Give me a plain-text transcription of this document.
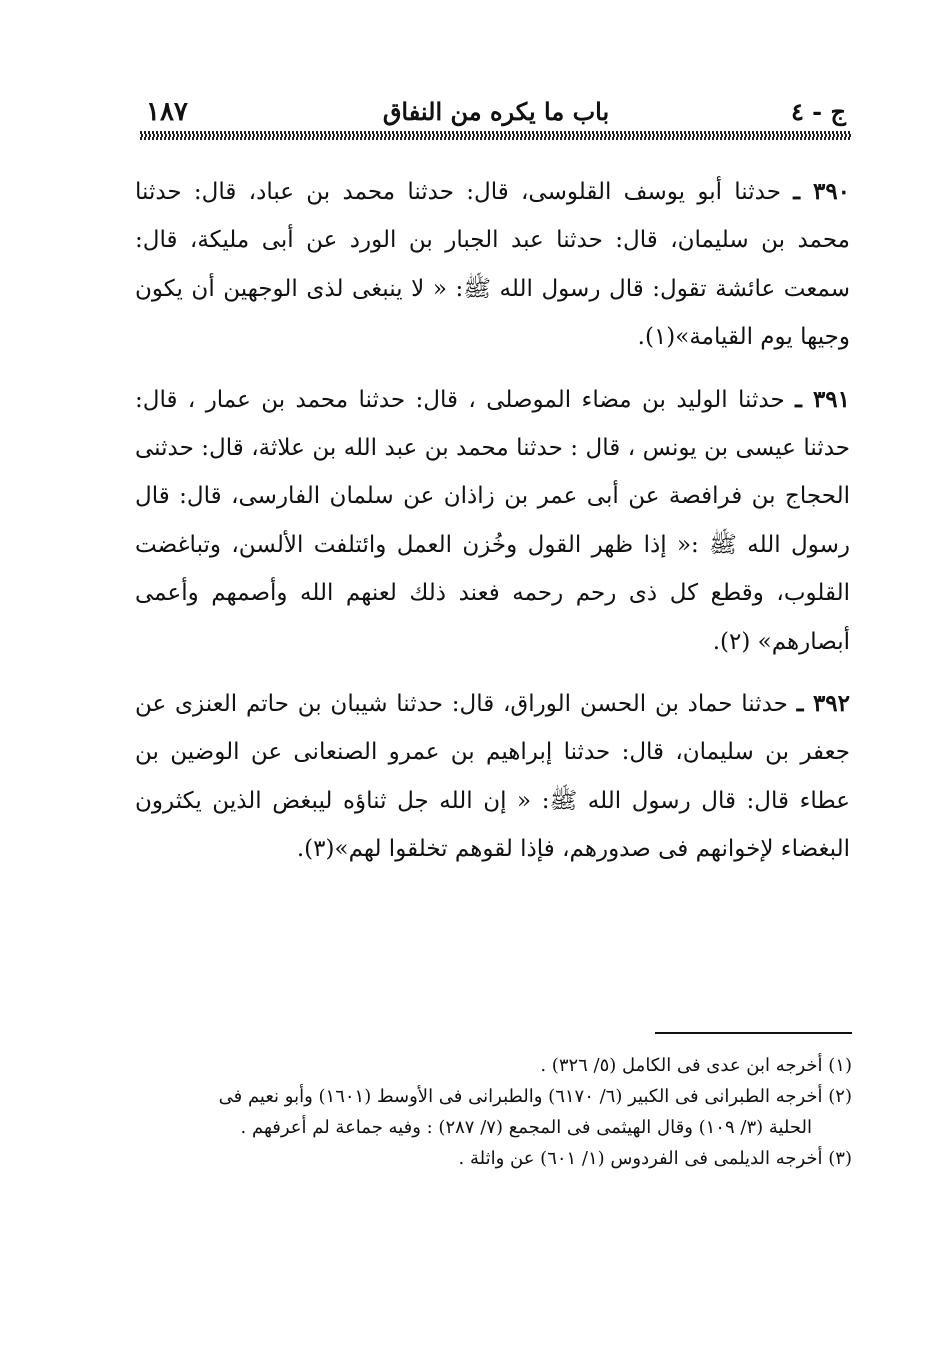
ج - ٤
باب ما يكره من النفاق
١٨٧

٣٩٠ ـ حدثنا أبو يوسف القلوسى، قال: حدثنا محمد بن عباد، قال: حدثنا محمد بن سليمان، قال: حدثنا عبد الجبار بن الورد عن أبى مليكة، قال: سمعت عائشة تقول: قال رسول الله ﷺ: « لا ينبغى لذى الوجهين أن يكون وجيها يوم القيامة»(١).

٣٩١ ـ حدثنا الوليد بن مضاء الموصلى ، قال: حدثنا محمد بن عمار ، قال: حدثنا عيسى بن يونس ، قال : حدثنا محمد بن عبد الله بن علاثة، قال: حدثنى الحجاج بن فرافصة عن أبى عمر بن زاذان عن سلمان الفارسى، قال: قال رسول الله ﷺ :« إذا ظهر القول وخُزن العمل وائتلفت الألسن، وتباغضت القلوب، وقطع كل ذى رحم رحمه فعند ذلك لعنهم الله وأصمهم وأعمى أبصارهم» (٢).

٣٩٢ ـ حدثنا حماد بن الحسن الوراق، قال: حدثنا شيبان بن حاتم العنزى عن جعفر بن سليمان، قال: حدثنا إبراهيم بن عمرو الصنعانى عن الوضين بن عطاء قال: قال رسول الله ﷺ: « إن الله جل ثناؤه ليبغض الذين يكثرون البغضاء لإخوانهم فى صدورهم، فإذا لقوهم تخلقوا لهم»(٣).

(١) أخرجه ابن عدى فى الكامل (٥/ ٣٢٦) .

(٢) أخرجه الطبرانى فى الكبير (٦/ ٦١٧٠) والطبرانى فى الأوسط (١٦٠١) وأبو نعيم فى

الحلية (٣/ ١٠٩) وقال الهيثمى فى المجمع (٧/ ٢٨٧) : وفيه جماعة لم أعرفهم .

(٣) أخرجه الديلمى فى الفردوس (١/ ٦٠١) عن واثلة .
